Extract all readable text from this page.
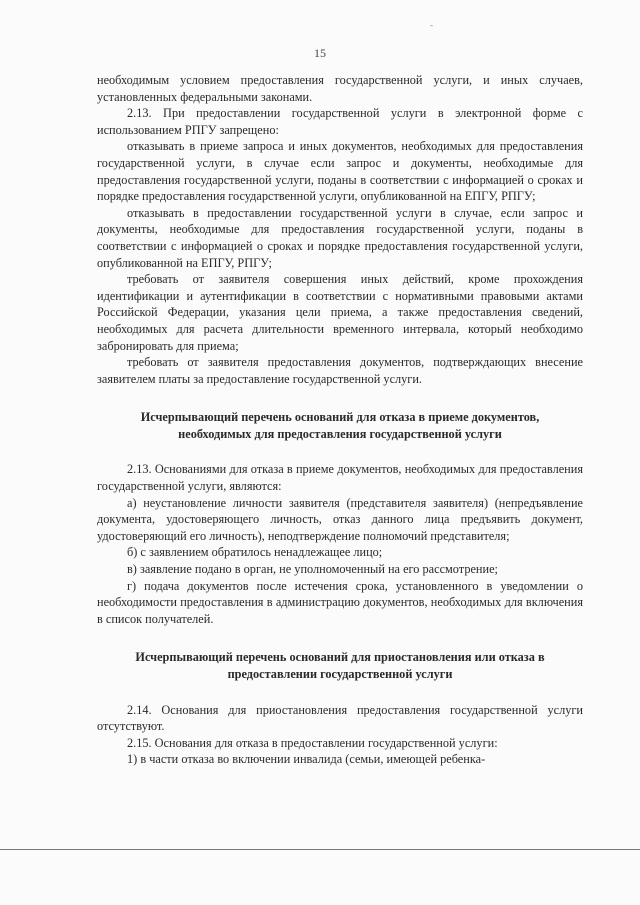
-
15

необходимым условием предоставления государственной услуги, и иных случаев, установленных федеральными законами.

2.13. При предоставлении государственной услуги в электронной форме с использованием РПГУ запрещено:

отказывать в приеме запроса и иных документов, необходимых для предоставления государственной услуги, в случае если запрос и документы, необходимые для предоставления государственной услуги, поданы в соответствии с информацией о сроках и порядке предоставления государственной услуги, опубликованной на ЕПГУ, РПГУ;

отказывать в предоставлении государственной услуги в случае, если запрос и документы, необходимые для предоставления государственной услуги, поданы в соответствии с информацией о сроках и порядке предоставления государственной услуги, опубликованной на ЕПГУ, РПГУ;

требовать от заявителя совершения иных действий, кроме прохождения идентификации и аутентификации в соответствии с нормативными правовыми актами Российской Федерации, указания цели приема, а также предоставления сведений, необходимых для расчета длительности временного интервала, который необходимо забронировать для приема;

требовать от заявителя предоставления документов, подтверждающих внесение заявителем платы за предоставление государственной услуги.

Исчерпывающий перечень оснований для отказа в приеме документов, необходимых для предоставления государственной услуги

2.13. Основаниями для отказа в приеме документов, необходимых для предоставления государственной услуги, являются:

а) неустановление личности заявителя (представителя заявителя) (непредъявление документа, удостоверяющего личность, отказ данного лица предъявить документ, удостоверяющий его личность), неподтверждение полномочий представителя;

б) с заявлением обратилось ненадлежащее лицо;

в) заявление подано в орган, не уполномоченный на его рассмотрение;

г) подача документов после истечения срока, установленного в уведомлении о необходимости предоставления в администрацию документов, необходимых для включения в список получателей.

Исчерпывающий перечень оснований для приостановления или отказа в предоставлении государственной услуги

2.14. Основания для приостановления предоставления государственной услуги отсутствуют.

2.15. Основания для отказа в предоставлении государственной услуги:

1) в части отказа во включении инвалида (семьи, имеющей ребенка-
